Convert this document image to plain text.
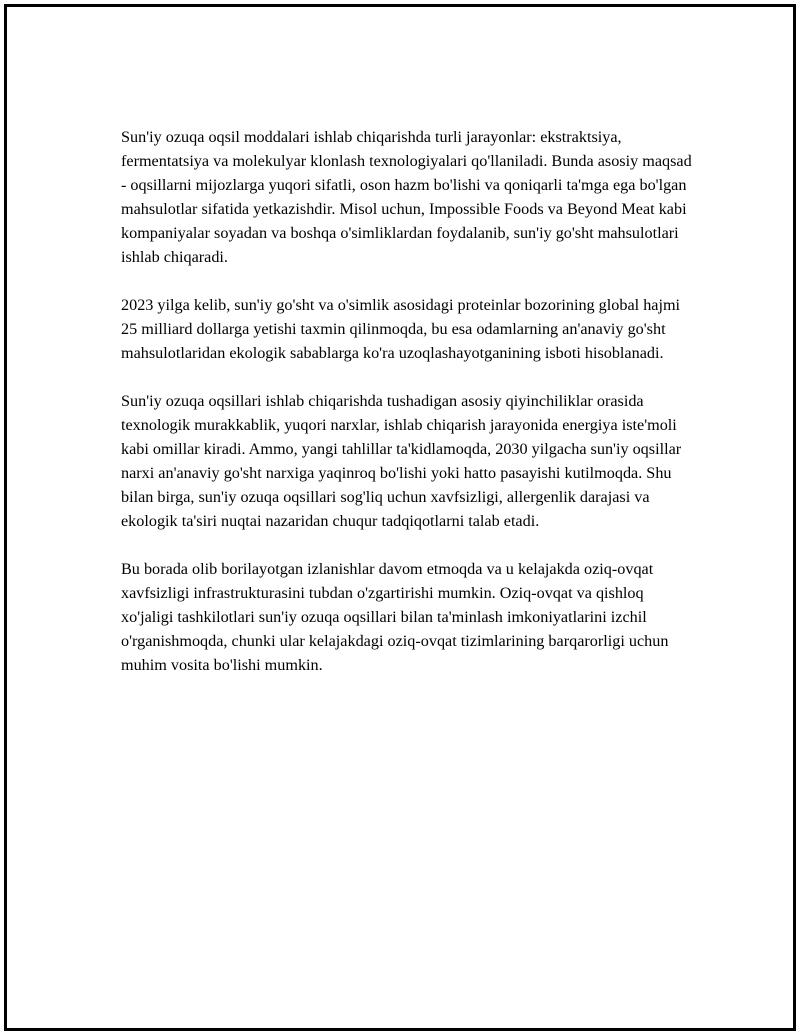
Sun'iy ozuqa oqsil moddalari ishlab chiqarishda turli jarayonlar: ekstraktsiya, fermentatsiya va molekulyar klonlash texnologiyalari qo'llaniladi. Bunda asosiy maqsad - oqsillarni mijozlarga yuqori sifatli, oson hazm bo'lishi va qoniqarli ta'mga ega bo'lgan mahsulotlar sifatida yetkazishdir. Misol uchun, Impossible Foods va Beyond Meat kabi kompaniyalar soyadan va boshqa o'simliklardan foydalanib, sun'iy go'sht mahsulotlari ishlab chiqaradi.

2023 yilga kelib, sun'iy go'sht va o'simlik asosidagi proteinlar bozorining global hajmi 25 milliard dollarga yetishi taxmin qilinmoqda, bu esa odamlarning an'anaviy go'sht mahsulotlaridan ekologik sabablarga ko'ra uzoqlashayotganining isboti hisoblanadi.

Sun'iy ozuqa oqsillari ishlab chiqarishda tushadigan asosiy qiyinchiliklar orasida texnologik murakkablik, yuqori narxlar, ishlab chiqarish jarayonida energiya iste'moli kabi omillar kiradi. Ammo, yangi tahlillar ta'kidlamoqda, 2030 yilgacha sun'iy oqsillar narxi an'anaviy go'sht narxiga yaqinroq bo'lishi yoki hatto pasayishi kutilmoqda. Shu bilan birga, sun'iy ozuqa oqsillari sog'liq uchun xavfsizligi, allergenlik darajasi va ekologik ta'siri nuqtai nazaridan chuqur tadqiqotlarni talab etadi.

Bu borada olib borilayotgan izlanishlar davom etmoqda va u kelajakda oziq-ovqat xavfsizligi infrastrukturasini tubdan o'zgartirishi mumkin. Oziq-ovqat va qishloq xo'jaligi tashkilotlari sun'iy ozuqa oqsillari bilan ta'minlash imkoniyatlarini izchil o'rganishmoqda, chunki ular kelajakdagi oziq-ovqat tizimlarining barqarorligi uchun muhim vosita bo'lishi mumkin.
